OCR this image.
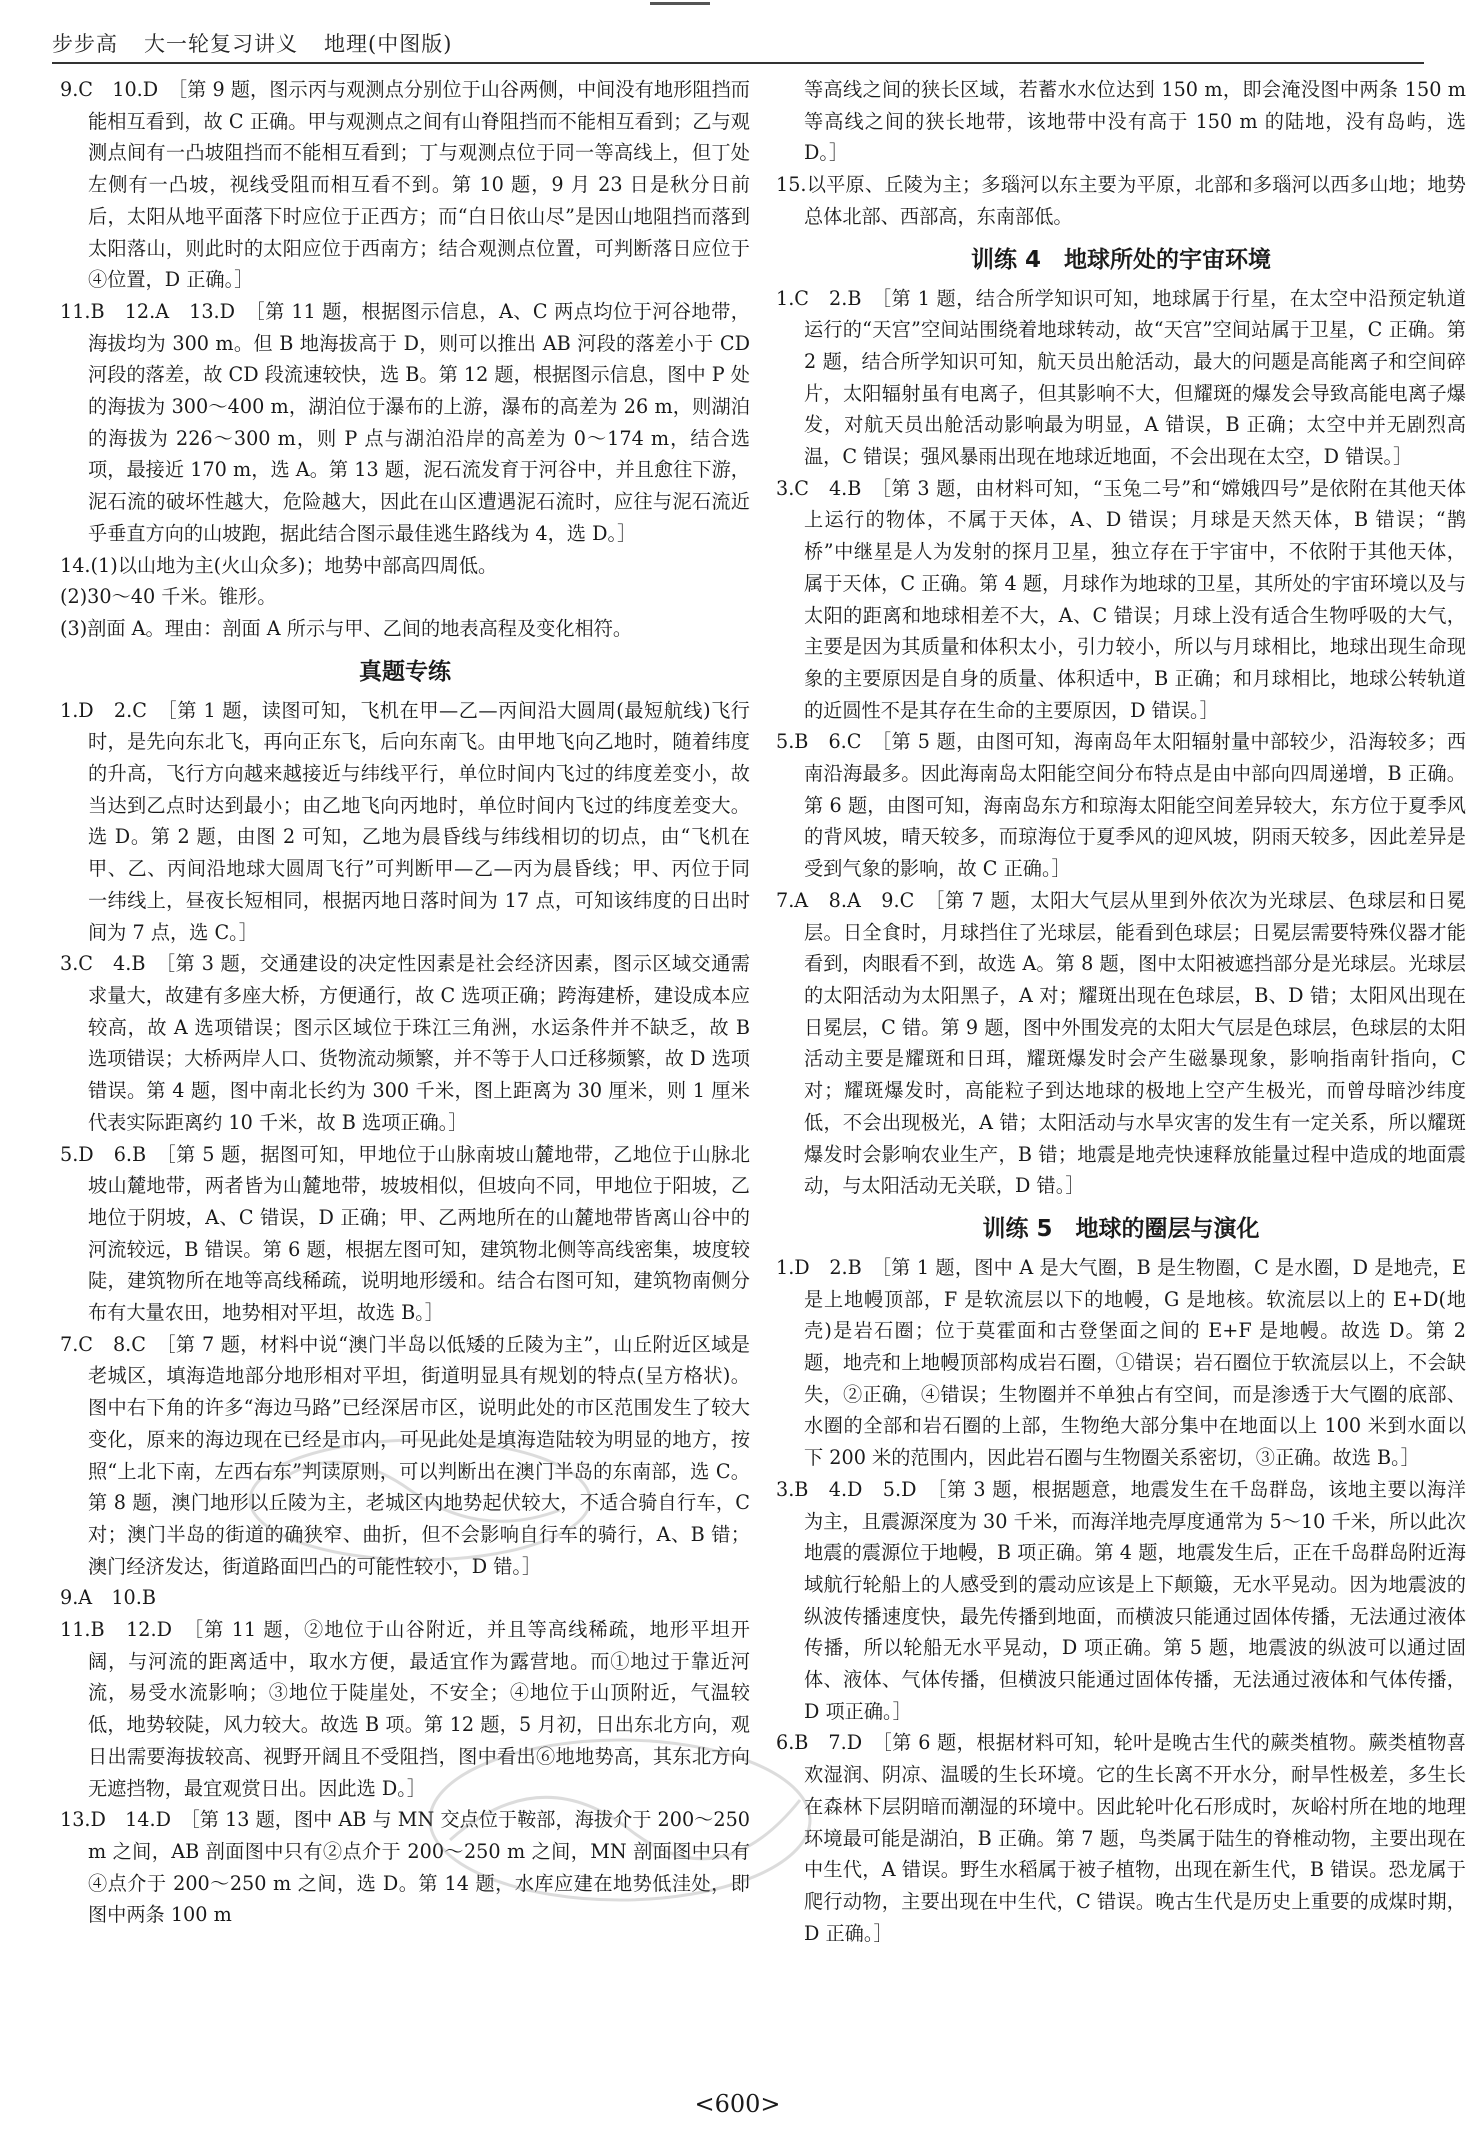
步步高 大一轮复习讲义 地理(中图版)
9.C　10.D　［第 9 题，图示丙与观测点分别位于山谷两侧，中间没有地形阻挡而能相互看到，故 C 正确。甲与观测点之间有山脊阻挡而不能相互看到；乙与观测点间有一凸坡阻挡而不能相互看到；丁与观测点位于同一等高线上，但丁处左侧有一凸坡，视线受阻而相互看不到。第 10 题，9 月 23 日是秋分日前后，太阳从地平面落下时应位于正西方；而“白日依山尽”是因山地阻挡而落到太阳落山，则此时的太阳应位于西南方；结合观测点位置，可判断落日应位于④位置，D 正确。］
11.B　12.A　13.D　［第 11 题，根据图示信息，A、C 两点均位于河谷地带，海拔均为 300 m。但 B 地海拔高于 D，则可以推出 AB 河段的落差小于 CD 河段的落差，故 CD 段流速较快，选 B。第 12 题，根据图示信息，图中 P 处的海拔为 300～400 m，湖泊位于瀑布的上游，瀑布的高差为 26 m，则湖泊的海拔为 226～300 m，则 P 点与湖泊沿岸的高差为 0～174 m，结合选项，最接近 170 m，选 A。第 13 题，泥石流发育于河谷中，并且愈往下游，泥石流的破坏性越大，危险越大，因此在山区遭遇泥石流时，应往与泥石流近乎垂直方向的山坡跑，据此结合图示最佳逃生路线为 4，选 D。］
14.(1)以山地为主(火山众多)；地势中部高四周低。
(2)30～40 千米。锥形。
(3)剖面 A。理由：剖面 A 所示与甲、乙间的地表高程及变化相符。
真题专练
1.D　2.C　［第 1 题，读图可知，飞机在甲—乙—丙间沿大圆周(最短航线)飞行时，是先向东北飞，再向正东飞，后向东南飞。由甲地飞向乙地时，随着纬度的升高，飞行方向越来越接近与纬线平行，单位时间内飞过的纬度差变小，故当达到乙点时达到最小；由乙地飞向丙地时，单位时间内飞过的纬度差变大。选 D。第 2 题，由图 2 可知，乙地为晨昏线与纬线相切的切点，由“飞机在甲、乙、丙间沿地球大圆周飞行”可判断甲—乙—丙为晨昏线；甲、丙位于同一纬线上，昼夜长短相同，根据丙地日落时间为 17 点，可知该纬度的日出时间为 7 点，选 C。］
3.C　4.B　［第 3 题，交通建设的决定性因素是社会经济因素，图示区域交通需求量大，故建有多座大桥，方便通行，故 C 选项正确；跨海建桥，建设成本应较高，故 A 选项错误；图示区域位于珠江三角洲，水运条件并不缺乏，故 B 选项错误；大桥两岸人口、货物流动频繁，并不等于人口迁移频繁，故 D 选项错误。第 4 题，图中南北长约为 300 千米，图上距离为 30 厘米，则 1 厘米代表实际距离约 10 千米，故 B 选项正确。］
5.D　6.B　［第 5 题，据图可知，甲地位于山脉南坡山麓地带，乙地位于山脉北坡山麓地带，两者皆为山麓地带，坡坡相似，但坡向不同，甲地位于阳坡，乙地位于阴坡，A、C 错误，D 正确；甲、乙两地所在的山麓地带皆离山谷中的河流较远，B 错误。第 6 题，根据左图可知，建筑物北侧等高线密集，坡度较陡，建筑物所在地等高线稀疏，说明地形缓和。结合右图可知，建筑物南侧分布有大量农田，地势相对平坦，故选 B。］
7.C　8.C　［第 7 题，材料中说“澳门半岛以低矮的丘陵为主”，山丘附近区域是老城区，填海造地部分地形相对平坦，街道明显具有规划的特点(呈方格状)。图中右下角的许多“海边马路”已经深居市区，说明此处的市区范围发生了较大变化，原来的海边现在已经是市内，可见此处是填海造陆较为明显的地方，按照“上北下南，左西右东”判读原则，可以判断出在澳门半岛的东南部，选 C。第 8 题，澳门地形以丘陵为主，老城区内地势起伏较大，不适合骑自行车，C 对；澳门半岛的街道的确狭窄、曲折，但不会影响自行车的骑行，A、B 错；澳门经济发达，街道路面凹凸的可能性较小，D 错。］
9.A　10.B
11.B　12.D　［第 11 题，②地位于山谷附近，并且等高线稀疏，地形平坦开阔，与河流的距离适中，取水方便，最适宜作为露营地。而①地过于靠近河流，易受水流影响；③地位于陡崖处，不安全；④地位于山顶附近，气温较低，地势较陡，风力较大。故选 B 项。第 12 题，5 月初，日出东北方向，观日出需要海拔较高、视野开阔且不受阻挡，图中看出⑥地地势高，其东北方向无遮挡物，最宜观赏日出。因此选 D。］
13.D　14.D　［第 13 题，图中 AB 与 MN 交点位于鞍部，海拔介于 200～250 m 之间，AB 剖面图中只有②点介于 200～250 m 之间，MN 剖面图中只有④点介于 200～250 m 之间，选 D。第 14 题，水库应建在地势低洼处，即图中两条 100 m
等高线之间的狭长区域，若蓄水水位达到 150 m，即会淹没图中两条 150 m 等高线之间的狭长地带，该地带中没有高于 150 m 的陆地，没有岛屿，选 D。］
15.以平原、丘陵为主；多瑙河以东主要为平原，北部和多瑙河以西多山地；地势总体北部、西部高，东南部低。
训练 4　地球所处的宇宙环境
1.C　2.B　［第 1 题，结合所学知识可知，地球属于行星，在太空中沿预定轨道运行的“天宫”空间站围绕着地球转动，故“天宫”空间站属于卫星，C 正确。第 2 题，结合所学知识可知，航天员出舱活动，最大的问题是高能离子和空间碎片，太阳辐射虽有电离子，但其影响不大，但耀斑的爆发会导致高能电离子爆发，对航天员出舱活动影响最为明显，A 错误，B 正确；太空中并无剧烈高温，C 错误；强风暴雨出现在地球近地面，不会出现在太空，D 错误。］
3.C　4.B　［第 3 题，由材料可知，“玉兔二号”和“嫦娥四号”是依附在其他天体上运行的物体，不属于天体，A、D 错误；月球是天然天体，B 错误；“鹊桥”中继星是人为发射的探月卫星，独立存在于宇宙中，不依附于其他天体，属于天体，C 正确。第 4 题，月球作为地球的卫星，其所处的宇宙环境以及与太阳的距离和地球相差不大，A、C 错误；月球上没有适合生物呼吸的大气，主要是因为其质量和体积太小，引力较小，所以与月球相比，地球出现生命现象的主要原因是自身的质量、体积适中，B 正确；和月球相比，地球公转轨道的近圆性不是其存在生命的主要原因，D 错误。］
5.B　6.C　［第 5 题，由图可知，海南岛年太阳辐射量中部较少，沿海较多；西南沿海最多。因此海南岛太阳能空间分布特点是由中部向四周递增，B 正确。第 6 题，由图可知，海南岛东方和琼海太阳能空间差异较大，东方位于夏季风的背风坡，晴天较多，而琼海位于夏季风的迎风坡，阴雨天较多，因此差异是受到气象的影响，故 C 正确。］
7.A　8.A　9.C　［第 7 题，太阳大气层从里到外依次为光球层、色球层和日冕层。日全食时，月球挡住了光球层，能看到色球层；日冕层需要特殊仪器才能看到，肉眼看不到，故选 A。第 8 题，图中太阳被遮挡部分是光球层。光球层的太阳活动为太阳黑子，A 对；耀斑出现在色球层，B、D 错；太阳风出现在日冕层，C 错。第 9 题，图中外围发亮的太阳大气层是色球层，色球层的太阳活动主要是耀斑和日珥，耀斑爆发时会产生磁暴现象，影响指南针指向，C 对；耀斑爆发时，高能粒子到达地球的极地上空产生极光，而曾母暗沙纬度低，不会出现极光，A 错；太阳活动与水旱灾害的发生有一定关系，所以耀斑爆发时会影响农业生产，B 错；地震是地壳快速释放能量过程中造成的地面震动，与太阳活动无关联，D 错。］
训练 5　地球的圈层与演化
1.D　2.B　［第 1 题，图中 A 是大气圈，B 是生物圈，C 是水圈，D 是地壳，E 是上地幔顶部，F 是软流层以下的地幔，G 是地核。软流层以上的 E+D(地壳)是岩石圈；位于莫霍面和古登堡面之间的 E+F 是地幔。故选 D。第 2 题，地壳和上地幔顶部构成岩石圈，①错误；岩石圈位于软流层以上，不会缺失，②正确，④错误；生物圈并不单独占有空间，而是渗透于大气圈的底部、水圈的全部和岩石圈的上部，生物绝大部分集中在地面以上 100 米到水面以下 200 米的范围内，因此岩石圈与生物圈关系密切，③正确。故选 B。］
3.B　4.D　5.D　［第 3 题，根据题意，地震发生在千岛群岛，该地主要以海洋为主，且震源深度为 30 千米，而海洋地壳厚度通常为 5～10 千米，所以此次地震的震源位于地幔，B 项正确。第 4 题，地震发生后，正在千岛群岛附近海域航行轮船上的人感受到的震动应该是上下颠簸，无水平晃动。因为地震波的纵波传播速度快，最先传播到地面，而横波只能通过固体传播，无法通过液体传播，所以轮船无水平晃动，D 项正确。第 5 题，地震波的纵波可以通过固体、液体、气体传播，但横波只能通过固体传播，无法通过液体和气体传播，D 项正确。］
6.B　7.D　［第 6 题，根据材料可知，轮叶是晚古生代的蕨类植物。蕨类植物喜欢湿润、阴凉、温暖的生长环境。它的生长离不开水分，耐旱性极差，多生长在森林下层阴暗而潮湿的环境中。因此轮叶化石形成时，灰峪村所在地的地理环境最可能是湖泊，B 正确。第 7 题，鸟类属于陆生的脊椎动物，主要出现在中生代，A 错误。野生水稻属于被子植物，出现在新生代，B 错误。恐龙属于爬行动物，主要出现在中生代，C 错误。晚古生代是历史上重要的成煤时期，D 正确。］
<600>
